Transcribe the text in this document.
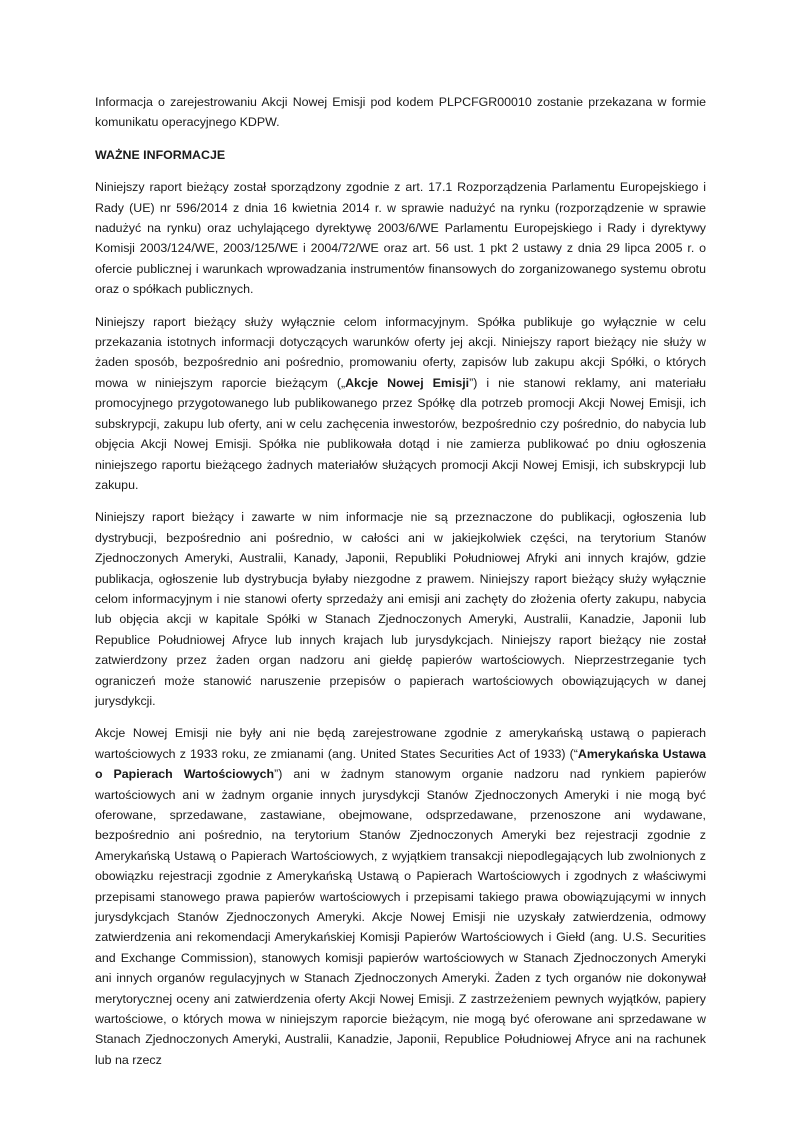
Informacja o zarejestrowaniu Akcji Nowej Emisji pod kodem PLPCFGR00010 zostanie przekazana w formie komunikatu operacyjnego KDPW.

WAŻNE INFORMACJE

Niniejszy raport bieżący został sporządzony zgodnie z art. 17.1 Rozporządzenia Parlamentu Europejskiego i Rady (UE) nr 596/2014 z dnia 16 kwietnia 2014 r. w sprawie nadużyć na rynku (rozporządzenie w sprawie nadużyć na rynku) oraz uchylającego dyrektywę 2003/6/WE Parlamentu Europejskiego i Rady i dyrektywy Komisji 2003/124/WE, 2003/125/WE i 2004/72/WE oraz art. 56 ust. 1 pkt 2 ustawy z dnia 29 lipca 2005 r. o ofercie publicznej i warunkach wprowadzania instrumentów finansowych do zorganizowanego systemu obrotu oraz o spółkach publicznych.

Niniejszy raport bieżący służy wyłącznie celom informacyjnym. Spółka publikuje go wyłącznie w celu przekazania istotnych informacji dotyczących warunków oferty jej akcji. Niniejszy raport bieżący nie służy w żaden sposób, bezpośrednio ani pośrednio, promowaniu oferty, zapisów lub zakupu akcji Spółki, o których mowa w niniejszym raporcie bieżącym („Akcje Nowej Emisji”) i nie stanowi reklamy, ani materiału promocyjnego przygotowanego lub publikowanego przez Spółkę dla potrzeb promocji Akcji Nowej Emisji, ich subskrypcji, zakupu lub oferty, ani w celu zachęcenia inwestorów, bezpośrednio czy pośrednio, do nabycia lub objęcia Akcji Nowej Emisji. Spółka nie publikowała dotąd i nie zamierza publikować po dniu ogłoszenia niniejszego raportu bieżącego żadnych materiałów służących promocji Akcji Nowej Emisji, ich subskrypcji lub zakupu.

Niniejszy raport bieżący i zawarte w nim informacje nie są przeznaczone do publikacji, ogłoszenia lub dystrybucji, bezpośrednio ani pośrednio, w całości ani w jakiejkolwiek części, na terytorium Stanów Zjednoczonych Ameryki, Australii, Kanady, Japonii, Republiki Południowej Afryki ani innych krajów, gdzie publikacja, ogłoszenie lub dystrybucja byłaby niezgodne z prawem. Niniejszy raport bieżący służy wyłącznie celom informacyjnym i nie stanowi oferty sprzedaży ani emisji ani zachęty do złożenia oferty zakupu, nabycia lub objęcia akcji w kapitale Spółki w Stanach Zjednoczonych Ameryki, Australii, Kanadzie, Japonii lub Republice Południowej Afryce lub innych krajach lub jurysdykcjach. Niniejszy raport bieżący nie został zatwierdzony przez żaden organ nadzoru ani giełdę papierów wartościowych. Nieprzestrzeganie tych ograniczeń może stanowić naruszenie przepisów o papierach wartościowych obowiązujących w danej jurysdykcji.

Akcje Nowej Emisji nie były ani nie będą zarejestrowane zgodnie z amerykańską ustawą o papierach wartościowych z 1933 roku, ze zmianami (ang. United States Securities Act of 1933) (“Amerykańska Ustawa o Papierach Wartościowych”) ani w żadnym stanowym organie nadzoru nad rynkiem papierów wartościowych ani w żadnym organie innych jurysdykcji Stanów Zjednoczonych Ameryki i nie mogą być oferowane, sprzedawane, zastawiane, obejmowane, odsprzedawane, przenoszone ani wydawane, bezpośrednio ani pośrednio, na terytorium Stanów Zjednoczonych Ameryki bez rejestracji zgodnie z Amerykańską Ustawą o Papierach Wartościowych, z wyjątkiem transakcji niepodlegających lub zwolnionych z obowiązku rejestracji zgodnie z Amerykańską Ustawą o Papierach Wartościowych i zgodnych z właściwymi przepisami stanowego prawa papierów wartościowych i przepisami takiego prawa obowiązującymi w innych jurysdykcjach Stanów Zjednoczonych Ameryki. Akcje Nowej Emisji nie uzyskały zatwierdzenia, odmowy zatwierdzenia ani rekomendacji Amerykańskiej Komisji Papierów Wartościowych i Giełd (ang. U.S. Securities and Exchange Commission), stanowych komisji papierów wartościowych w Stanach Zjednoczonych Ameryki ani innych organów regulacyjnych w Stanach Zjednoczonych Ameryki. Żaden z tych organów nie dokonywał merytorycznej oceny ani zatwierdzenia oferty Akcji Nowej Emisji. Z zastrzeżeniem pewnych wyjątków, papiery wartościowe, o których mowa w niniejszym raporcie bieżącym, nie mogą być oferowane ani sprzedawane w Stanach Zjednoczonych Ameryki, Australii, Kanadzie, Japonii, Republice Południowej Afryce ani na rachunek lub na rzecz
